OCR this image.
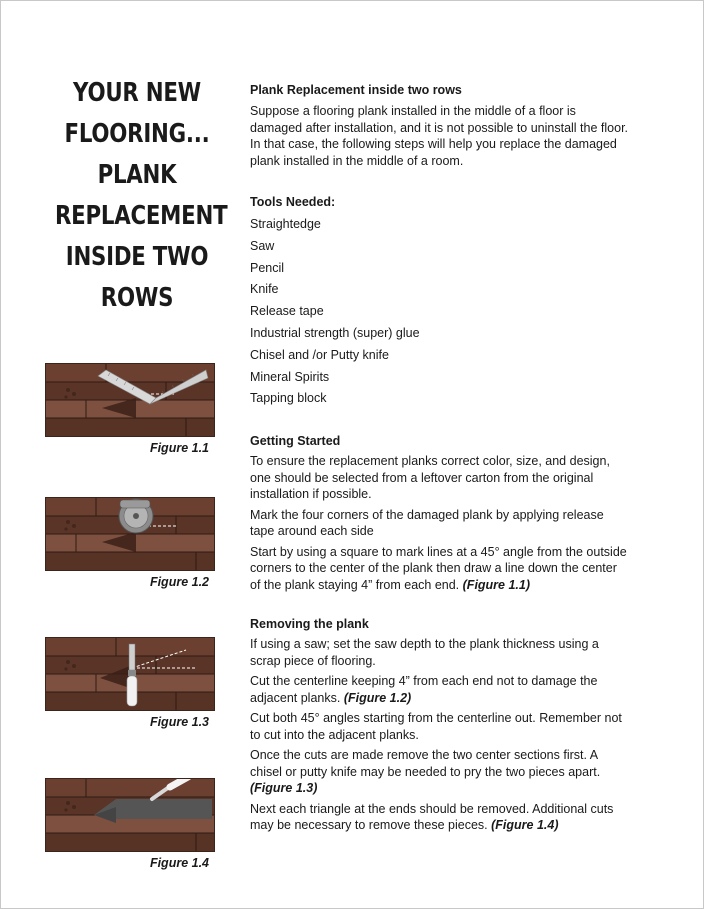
YOUR NEW
FLOORING...
PLANK
REPLACEMENT
INSIDE TWO
ROWS
Figure 1.1
Figure 1.2
Figure 1.3
Figure 1.4
Plank Replacement inside two rows

Suppose a flooring plank installed in the middle of a floor is damaged after installation, and it is not possible to uninstall the floor. In that case, the following steps will help you replace the damaged plank installed in the middle of a room.

Tools Needed:
Straightedge
Saw
Pencil
Knife
Release tape
Industrial strength (super) glue
Chisel and /or Putty knife
Mineral Spirits
Tapping block
Getting Started

To ensure the replacement planks correct color, size, and design, one should be selected from a leftover carton from the original installation if possible.

Mark the four corners of the damaged plank by applying release tape around each side

Start by using a square to mark lines at a 45° angle from the outside corners to the center of the plank then draw a line down the center of the plank staying 4” from each end. (Figure 1.1)

Removing the plank

If using a saw; set the saw depth to the plank thickness using a scrap piece of flooring.

Cut the centerline keeping 4” from each end not to damage the adjacent planks. (Figure 1.2)

Cut both 45° angles starting from the centerline out. Remember not to cut into the adjacent planks.

Once the cuts are made remove the two center sections first. A chisel or putty knife may be needed to pry the two pieces apart. (Figure 1.3)

Next each triangle at the ends should be removed. Additional cuts may be necessary to remove these pieces. (Figure 1.4)
